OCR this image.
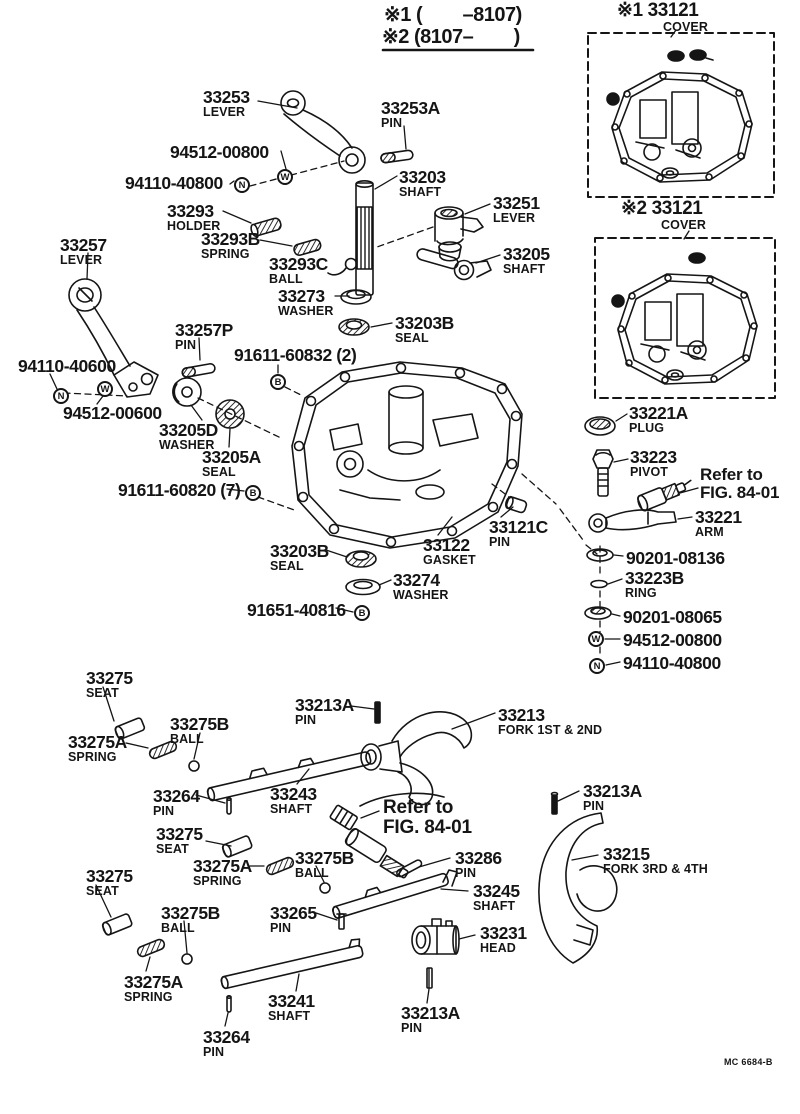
※1 (        –8107)
※2 (8107–        )
※1 33121
COVER
※2 33121
COVER
33253
LEVER	33253A
PIN
94512-00800
94110-40800	33203
SHAFT
33293
HOLDER
33251
LEVER
33293B
SPRING	33205
SHAFT
33293C
BALL
33273
WASHER
33257
LEVER
33203B
SEAL
33257P
PIN	91611-60832 (2)
94110-40600
94512-00600
33205D
WASHER
33205A
SEAL
91611-60820 (7)
33121C
PIN
33122
GASKET
33203B
SEAL
33274
WASHER
91651-40816
33221A
PLUG
33223
PIVOT	Refer to
FIG. 84-01
33221
ARM
90201-08136
33223B
RING
90201-08065
94512-00800
94110-40800
33275
SEAT
33213A
PIN	33213
FORK 1ST & 2ND
33275B
BALL
33275A
SPRING
33264
PIN
33243
SHAFT	Refer to
FIG. 84-01
33213A
PIN
33275
SEAT
33275A
SPRING
33275B
BALL
33286
PIN
33215
FORK 3RD & 4TH
33275
SEAT	33245
SHAFT
33275B
BALL
33265
PIN	33231
HEAD
33275A
SPRING	33241
SHAFT	33213A
PIN
33264
PIN
N
W
N
W
B
B
B
W
N
MC 6684-B
